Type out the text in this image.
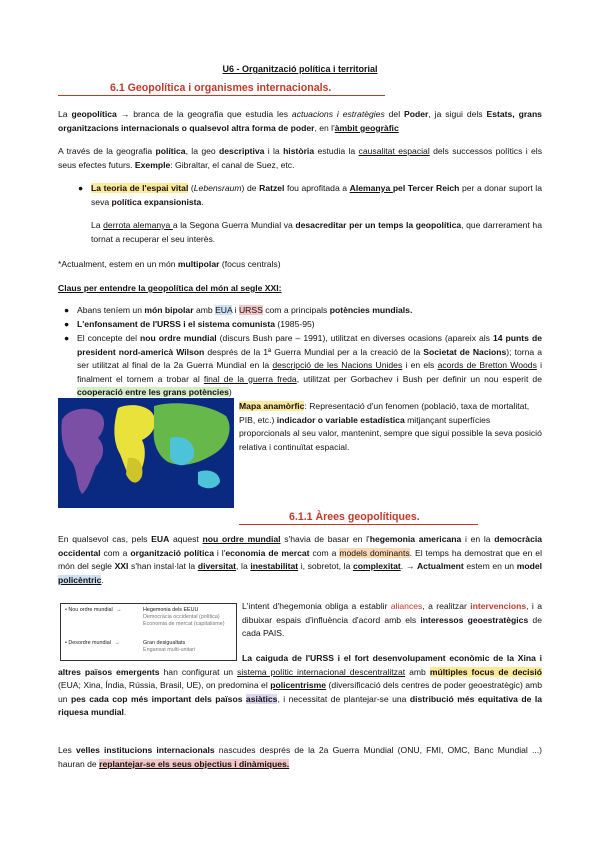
U6 - Organització política i territorial
6.1 Geopolítica i organismes internacionals.

La geopolítica → branca de la geografia que estudia les actuacions i estratègies del Poder, ja sigui dels Estats, grans organitzacions internacionals o qualsevol altra forma de poder, en l'àmbit geogràfic

A través de la geografia política, la geo descriptiva i la història estudia la causalitat espacial dels successos polítics i els seus efectes futurs. Exemple: Gibraltar, el canal de Suez, etc.

● La teoria de l'espai vital (Lebensraum) de Ratzel fou aprofitada a Alemanya pel Tercer Reich per a donar suport la seva política expansionista.

La derrota alemanya a la Segona Guerra Mundial va desacreditar per un temps la geopolítica, que darrerament ha tornat a recuperar el seu interès.

*Actualment, estem en un món multipolar (focus centrals)

Claus per entendre la geopolítica del món al segle XXI:

● Abans teníem un món bipolar amb EUA i URSS com a principals potències mundials.
● L'enfonsament de l'URSS i el sistema comunista (1985-95)
● El concepte del nou ordre mundial (discurs Bush pare – 1991), utilitzat en diverses ocasions (apareix als 14 punts de president nord-americà Wilson després de la 1ª Guerra Mundial per a la creació de la Societat de Nacions); torna a ser utilitzat al final de la 2a Guerra Mundial en la descripció de les Nacions Unides i en els acords de Bretton Woods i finalment el tornem a trobar al final de la guerra freda, utilitzat per Gorbachev i Bush per definir un nou esperit de cooperació entre les grans potències)

Mapa anamòrfic: Representació d'un fenomen (població, taxa de mortalitat, PIB, etc.) indicador o variable estadística mitjançant superfícies proporcionals al seu valor, mantenint, sempre que sigui possible la seva posició relativa i continuïtat espacial.

6.1.1 Àrees geopolítiques.

En qualsevol cas, pels EUA aquest nou ordre mundial s'havia de basar en l'hegemonia americana i en la democràcia occidental com a organització política i l'economia de mercat com a models dominants. El temps ha demostrat que en el món del segle XXI s'han instal·lat la diversitat, la inestabilitat i, sobretot, la complexitat. → Actualment estem en un model policèntric.

• Nou ordre mundial →	Hegemonia dels EEUU
Democràcia occidental (política)
Economia de mercat (capitalisme)
• Desordre mundial →	Gran desigualtats
Enganxat multi-unitari

L'intent d'hegemonia obliga a establir aliances, a realitzar intervencions, i a dibuixar espais d'influència d'acord amb els interessos geoestratègics de cada PAIS.

La caiguda de l'URSS i el fort desenvolupament econòmic de la Xina i altres països emergents han configurat un sistema polític internacional descentralitzat amb múltiples focus de decisió (EUA; Xina, Índia, Rússia, Brasil, UE), on predomina el policentrisme (diversificació dels centres de poder geoestratègic) amb un pes cada cop més important dels països asiàtics, i necessitat de plantejar-se una distribució més equitativa de la riquesa mundial.

Les velles institucions internacionals nascudes després de la 2a Guerra Mundial (ONU, FMI, OMC, Banc Mundial ...) hauran de replantejar-se els seus objectius i dinàmiques.
